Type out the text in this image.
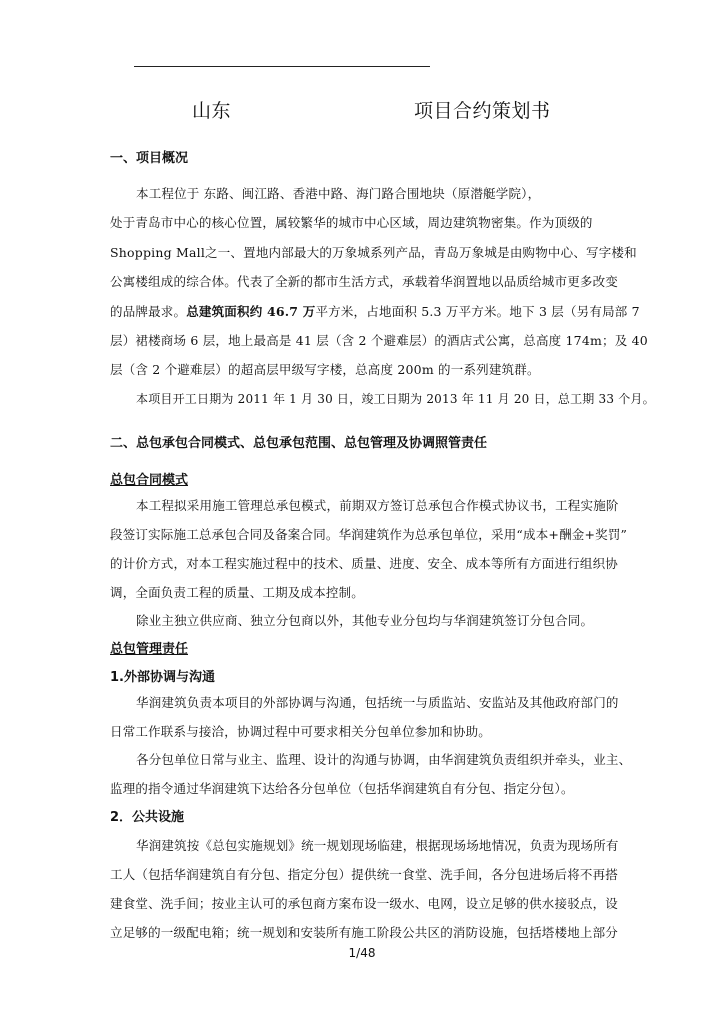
山东	项目合约策划书
一、项目概况
本工程位于 东路、闽江路、香港中路、海门路合围地块（原潜艇学院），
处于青岛市中心的核心位置，属较繁华的城市中心区域，周边建筑物密集。作为顶级的
Shopping Mall之一、置地内部最大的万象城系列产品，青岛万象城是由购物中心、写字楼和
公寓楼组成的综合体。代表了全新的都市生活方式，承载着华润置地以品质给城市更多改变
的品牌最求。总建筑面积约 46.7 万平方米，占地面积 5.3 万平方米。地下 3 层（另有局部 7
层）裙楼商场 6 层，地上最高是 41 层（含 2 个避难层）的酒店式公寓，总高度 174m；及 40
层（含 2 个避难层）的超高层甲级写字楼，总高度 200m 的一系列建筑群。
本项目开工日期为 2011 年 1 月 30 日，竣工日期为 2013 年 11 月 20 日，总工期 33 个月。
二、总包承包合同模式、总包承包范围、总包管理及协调照管责任
总包合同模式
本工程拟采用施工管理总承包模式，前期双方签订总承包合作模式协议书，工程实施阶
段签订实际施工总承包合同及备案合同。华润建筑作为总承包单位，采用“成本+酬金+奖罚”
的计价方式，对本工程实施过程中的技术、质量、进度、安全、成本等所有方面进行组织协
调，全面负责工程的质量、工期及成本控制。
除业主独立供应商、独立分包商以外，其他专业分包均与华润建筑签订分包合同。
总包管理责任
1.外部协调与沟通
华润建筑负责本项目的外部协调与沟通，包括统一与质监站、安监站及其他政府部门的
日常工作联系与接洽，协调过程中可要求相关分包单位参加和协助。
各分包单位日常与业主、监理、设计的沟通与协调，由华润建筑负责组织并牵头，业主、
监理的指令通过华润建筑下达给各分包单位（包括华润建筑自有分包、指定分包）。
2．公共设施
华润建筑按《总包实施规划》统一规划现场临建，根据现场场地情况，负责为现场所有
工人（包括华润建筑自有分包、指定分包）提供统一食堂、洗手间，各分包进场后将不再搭
建食堂、洗手间；按业主认可的承包商方案布设一级水、电网，设立足够的供水接驳点，设
立足够的一级配电箱；统一规划和安装所有施工阶段公共区的消防设施，包括塔楼地上部分
1/48
